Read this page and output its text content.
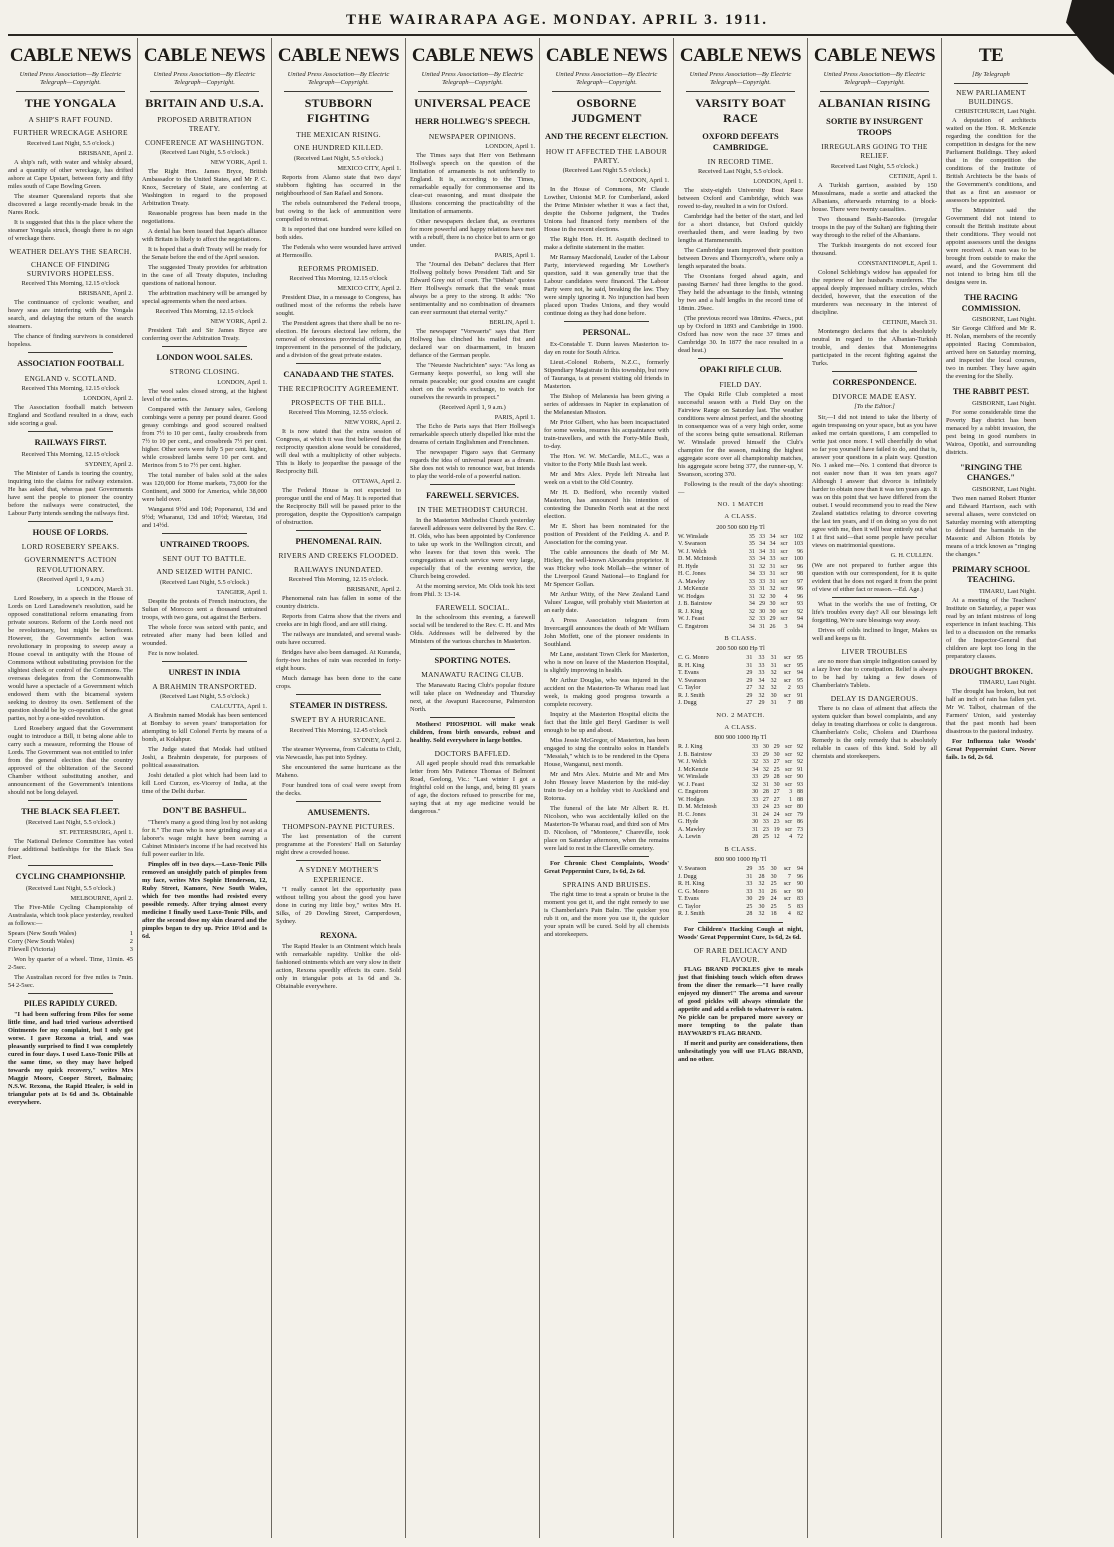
THE WAIRARAPA AGE. MONDAY. APRIL 3. 1911.
CABLE NEWS
United Press Association—By Electric Telegraph—Copyright.
THE YONGALA
A SHIP'S RAFT FOUND.
FURTHER WRECKAGE ASHORE
Received Last Night, 5.5 o'clock.)
BRISBANE, April 2.

A ship's raft, with water and whisky aboard, and a quantity of other wreckage, has drifted ashore at Cape Upstart, between forty and fifty miles south of Cape Bowling Green.

The steamer Queensland reports that she discovered a large recently-made break in the Nares Rock.

It is suggested that this is the place where the steamer Yongala struck, though there is no sign of wreckage there.

WEATHER DELAYS THE SEARCH.
CHANCE OF FINDING SURVIVORS HOPELESS.
Received This Morning, 12.15 o'clock
BRISBANE, April 2.

The continuance of cyclonic weather, and heavy seas are interfering with the Yongala search, and delaying the return of the search steamers.

The chance of finding survivors is considered hopeless.

ASSOCIATION FOOTBALL
ENGLAND v. SCOTLAND.
Received This Morning, 12.15 o'clock
LONDON, April 2.

The Association football match between England and Scotland resulted in a draw, each side scoring a goal.

RAILWAYS FIRST.
Received This Morning, 12.15 o'clock
SYDNEY, April 2.

The Minister of Lands is touring the country, inquiring into the claims for railway extension. He has asked that, whereas past Governments have sent the people to pioneer the country before the railways were constructed, the Labour Party intends sending the railways first.

HOUSE OF LORDS.
LORD ROSEBERY SPEAKS.
GOVERNMENT'S ACTION REVOLUTIONARY.
(Received April 1, 9 a.m.)
LONDON, March 31.

Lord Rosebery, in a speech in the House of Lords on Lord Lansdowne's resolution, said he opposed constitutional reform emanating from private sources. Reform of the Lords need not be revolutionary, but might be beneficent. However, the Government's action was revolutionary in proposing to sweep away a House coeval in antiquity with the House of Commons without substituting provision for the slightest check or control of the Commons. The overseas delegates from the Commonwealth would have a spectacle of a Government which endowed them with the bicameral system seeking to destroy its own. Settlement of the question should be by co-operation of the great parties, not by a one-sided revolution.

Lord Rosebery argued that the Government ought to introduce a Bill, it being alone able to carry such a measure, reforming the House of Lords. The Government was not entitled to infer from the general election that the country approved of the obliteration of the Second Chamber without substituting another, and announcement of the Government's intentions should not be long delayed.

THE BLACK SEA FLEET.
(Received Last Night, 5.5 o'clock.)
ST. PETERSBURG, April 1.

The National Defence Committee has voted four additional battleships for the Black Sea Fleet.

CYCLING CHAMPIONSHIP.
(Received Last Night, 5.5 o'clock.)
MELBOURNE, April 2.

The Five-Mile Cycling Championship of Australasia, which took place yesterday, resulted as follows:—

Spears (New South Wales)	1
Corry (New South Wales)	2
Filewell (Victoria)	3

Won by quarter of a wheel. Time, 11min. 45 2-5sec.

The Australian record for five miles is 7min. 54 2-5sec.

PILES RAPIDLY CURED.

"I had been suffering from Piles for some little time, and had tried various advertised Ointments for my complaint, but I only got worse. I gave Rexona a trial, and was pleasantly surprised to find I was completely cured in four days. I used Laxo-Tonic Pills at the same time, so they may have helped towards my quick recovery," writes Mrs Maggie Moore, Cooper Street, Balmain; N.S.W. Rexona, the Rapid Healer, is sold in triangular pots at 1s 6d and 3s. Obtainable everywhere.

CABLE NEWS
United Press Association—By Electric Telegraph—Copyright.
BRITAIN AND U.S.A.
PROPOSED ARBITRATION TREATY.
CONFERENCE AT WASHINGTON.
(Received Last Night, 5.5 o'clock.)
NEW YORK, April 1.

The Right Hon. James Bryce, British Ambassador to the United States, and Mr P. C. Knox, Secretary of State, are conferring at Washington in regard to the proposed Arbitration Treaty.

Reasonable progress has been made in the negotiations.

A denial has been issued that Japan's alliance with Britain is likely to affect the negotiations.

It is hoped that a draft Treaty will be ready for the Senate before the end of the April session.

The suggested Treaty provides for arbitration in the case of all Treaty disputes, including questions of national honour.

The arbitration machinery will be arranged by special agreements when the need arises.

Received This Morning, 12.15 o'clock
NEW YORK, April 2.

President Taft and Sir James Bryce are conferring over the Arbitration Treaty.

LONDON WOOL SALES.
STRONG CLOSING.
LONDON, April 1.

The wool sales closed strong, at the highest level of the series.

Compared with the January sales, Geelong combings were a penny per pound dearer. Good greasy combings and good scoured realised from 7½ to 10 per cent., faulty crossbreds from 7½ to 10 per cent., and crossbreds 7½ per cent. higher. Other sorts were fully 5 per cent. higher, while crossbred lambs were 10 per cent. and Merinos from 5 to 7½ per cent. higher.

The total number of bales sold at the sales was 120,000 for Home markets, 73,000 for the Continent, and 3000 for America, while 38,000 were held over.

Wanganui 9½d and 10d; Poponanui, 13d and 9½d; Wharanui, 13d and 10½d; Waretau, 16d and 14½d.

UNTRAINED TROOPS.
SENT OUT TO BATTLE.
AND SEIZED WITH PANIC.
(Received Last Night, 5.5 o'clock.)
TANGIER, April 1.

Despite the protests of French instructors, the Sultan of Morocco sent a thousand untrained troops, with two guns, out against the Berbers.

The whole force was seized with panic, and retreated after many had been killed and wounded.

Fez is now isolated.

UNREST IN INDIA
A BRAHMIN TRANSPORTED.
(Received Last Night, 5.5 o'clock.)
CALCUTTA, April 1.

A Brahmin named Modak has been sentenced at Bombay to seven years' transportation for attempting to kill Colonel Ferris by means of a bomb, at Kolahpur.

The Judge stated that Modak had utilised Joshi, a Brahmin desperate, for purposes of political assassination.

Joshi detailed a plot which had been laid to kill Lord Curzon, ex-Viceroy of India, at the time of the Delhi durbar.

DON'T BE BASHFUL.

"There's many a good thing lost by not asking for it." The man who is now grinding away at a laborer's wage might have been earning a Cabinet Minister's income if he had received his full power earlier in life.

Pimples off in two days.—Laxo-Tonic Pills removed an unsightly patch of pimples from my face, writes Mrs Sophie Henderson, 12, Ruby Street, Kamore, New South Wales, which for two months had resisted every possible remedy. After trying almost every medicine I finally used Laxo-Tonic Pills, and after the second dose my skin cleared and the pimples began to dry up. Price 10½d and 1s 6d.

CABLE NEWS
United Press Association—By Electric Telegraph—Copyright.
STUBBORN FIGHTING
THE MEXICAN RISING.
ONE HUNDRED KILLED.
(Received Last Night, 5.5 o'clock.)
MEXICO CITY, April 1.

Reports from Alamo state that two days' stubborn fighting has occurred in the neighbourhood of San Rafael and Sonora.

The rebels outnumbered the Federal troops, but owing to the lack of ammunition were compelled to retreat.

It is reported that one hundred were killed on both sides.

The Federals who were wounded have arrived at Hermosillo.

REFORMS PROMISED.
Received This Morning, 12.15 o'clock
MEXICO CITY, April 2.

President Diaz, in a message to Congress, has outlined most of the reforms the rebels have sought.

The President agrees that there shall be no re-election. He favours electoral law reform, the removal of obnoxious provincial officials, an improvement in the personnel of the judiciary, and a division of the great private estates.

CANADA AND THE STATES.
THE RECIPROCITY AGREEMENT.
PROSPECTS OF THE BILL.
Received This Morning, 12.55 o'clock.
NEW YORK, April 2.

It is now stated that the extra session of Congress, at which it was first believed that the reciprocity question alone would be considered, will deal with a multiplicity of other subjects. This is likely to jeopardise the passage of the Reciprocity Bill.

OTTAWA, April 2.

The Federal House is not expected to prorogue until the end of May. It is reported that the Reciprocity Bill will be passed prior to the prorogation, despite the Opposition's campaign of obstruction.

PHENOMENAL RAIN.
RIVERS AND CREEKS FLOODED.
RAILWAYS INUNDATED.
Received This Morning, 12.15 o'clock.
BRISBANE, April 2.

Phenomenal rain has fallen in some of the country districts.

Reports from Cairns show that the rivers and creeks are in high flood, and are still rising.

The railways are inundated, and several wash-outs have occurred.

Bridges have also been damaged. At Kuranda, forty-two inches of rain was recorded in forty-eight hours.

Much damage has been done to the cane crops.

STEAMER IN DISTRESS.
SWEPT BY A HURRICANE.
Received This Morning, 12.45 o'clock
SYDNEY, April 2.

The steamer Wyreema, from Calcutta to Chili, via Newcastle, has put into Sydney.

She encountered the same hurricane as the Maheno.

Four hundred tons of coal were swept from the decks.

AMUSEMENTS.
THOMPSON-PAYNE PICTURES.

The last presentation of the current programme at the Foresters' Hall on Saturday night drew a crowded house.

A SYDNEY MOTHER'S EXPERIENCE.

"I really cannot let the opportunity pass without telling you about the good you have done in curing my little boy," writes Mrs H. Silks, of 29 Dowling Street, Camperdown, Sydney.

REXONA.

The Rapid Healer is an Ointment which heals with remarkable rapidity. Unlike the old-fashioned ointments which are very slow in their action, Rexona speedily effects its cure. Sold only in triangular pots at 1s 6d and 3s. Obtainable everywhere.

CABLE NEWS
United Press Association—By Electric Telegraph—Copyright.
UNIVERSAL PEACE
HERR HOLLWEG'S SPEECH.
NEWSPAPER OPINIONS.
LONDON, April 1.

The Times says that Herr von Bethmann Hollweg's speech on the question of the limitation of armaments is not unfriendly to England. It is, according to the Times, remarkable equally for commonsense and its clear-cut reasoning, and must dissipate the illusions concerning the practicability of the limitation of armaments.

Other newspapers declare that, as overtures for more powerful and happy relations have met with a rebuff, there is no choice but to arm or go under.

PARIS, April 1.

The "Journal des Debats" declares that Herr Hollweg politely bows President Taft and Sir Edward Grey out of court. The "Debats" quotes Herr Hollweg's remark that the weak must always be a prey to the strong. It adds: "No sentimentality and no combination of dreamers can ever surmount that eternal verity."

BERLIN, April 1.

The newspaper "Vorwaerts" says that Herr Hollweg has clinched his mailed fist and declared war on disarmament, in brazen defiance of the German people.

The "Neueste Nachrichten" says: "As long as Germany keeps powerful, so long will she remain peaceable; our good cousins are caught short on the world's exchange, to watch for ourselves the rewards in prospect."

(Received April 1, 9 a.m.)
PARIS, April 1.

The Echo de Paris says that Herr Hollweg's remarkable speech utterly dispelled like mist the dreams of certain Englishmen and Frenchmen.

The newspaper Figaro says that Germany regards the idea of universal peace as a dream. She does not wish to renounce war, but intends to play the world-role of a powerful nation.

FAREWELL SERVICES.
IN THE METHODIST CHURCH.

In the Masterton Methodist Church yesterday farewell addresses were delivered by the Rev. C. H. Olds, who has been appointed by Conference to take up work in the Wellington circuit, and who leaves for that town this week. The congregations at each service were very large, especially that of the evening service, the Church being crowded.

At the morning service, Mr. Olds took his text from Phil. 3: 13-14.

FAREWELL SOCIAL.

In the schoolroom this evening, a farewell social will be tendered to the Rev. C. H. and Mrs Olds. Addresses will be delivered by the Ministers of the various churches in Masterton.

SPORTING NOTES.
MANAWATU RACING CLUB.

The Manawatu Racing Club's popular fixture will take place on Wednesday and Thursday next, at the Awapuni Racecourse, Palmerston North.

Mothers! PHOSPHOL will make weak children, from birth onwards, robust and healthy. Sold everywhere in large bottles.

DOCTORS BAFFLED.

All aged people should read this remarkable letter from Mrs Patience Thomas of Belmont Road, Geelong, Vic.: "Last winter I got a frightful cold on the lungs, and, being 81 years of age, the doctors refused to prescribe for me, saying that at my age medicine would be dangerous."

CABLE NEWS
United Press Association—By Electric Telegraph—Copyright.
OSBORNE JUDGMENT
AND THE RECENT ELECTION.
HOW IT AFFECTED THE LABOUR PARTY.
(Received Last Night 5.5 o'clock.)
LONDON, April 1.

In the House of Commons, Mr Claude Lowther, Unionist M.P. for Cumberland, asked the Prime Minister whether it was a fact that, despite the Osborne judgment, the Trades Unions had financed forty members of the House in the recent elections.

The Right Hon. H. H. Asquith declined to make a definite statement in the matter.

Mr Ramsay Macdonald, Leader of the Labour Party, interviewed regarding Mr Lowther's question, said it was generally true that the Labour candidates were financed. The Labour Party were not, he said, breaking the law. They were simply ignoring it. No injunction had been placed upon Trades Unions, and they would continue doing as they had done before.

PERSONAL.

Ex-Constable T. Dunn leaves Masterton to-day en route for South Africa.

Lieut.-Colonel Roberts, N.Z.C., formerly Stipendiary Magistrate in this township, but now of Tauranga, is at present visiting old friends in Masterton.

The Bishop of Melanesia has been giving a series of addresses in Napier in explanation of the Melanesian Mission.

Mr Prior Gilbert, who has been incapacitated for some weeks, resumes his acquaintance with train-travellers, and with the Forty-Mile Bush, to-day.

The Hon. W. W. McCardle, M.L.C., was a visitor to the Forty Mile Bush last week.

Mr and Mrs Alex. Pryde left Nireaha last week on a visit to the Old Country.

Mr H. D. Bedford, who recently visited Masterton, has announced his intention of contesting the Dunedin North seat at the next election.

Mr E. Short has been nominated for the position of President of the Feilding A. and P. Association for the coming year.

The cable announces the death of Mr M. Hickey, the well-known Alexandra proprietor. It was Hickey who took Mollah—the winner of the Liverpool Grand National—to England for Mr Spencer Gollan.

Mr Arthur Witty, of the New Zealand Land Values' League, will probably visit Masterton at an early date.

A Press Association telegram from Invercargill announces the death of Mr William John Moffett, one of the pioneer residents in Southland.

Mr Lane, assistant Town Clerk for Masterton, who is now on leave of the Masterton Hospital, is slightly improving in health.

Mr Arthur Douglas, who was injured in the accident on the Masterton-Te Wharau road last week, is making good progress towards a complete recovery.

Inquiry at the Masterton Hospital elicits the fact that the little girl Beryl Gardiner is well enough to be up and about.

Miss Jessie McGregor, of Masterton, has been engaged to sing the contralto solos in Handel's "Messiah," which is to be rendered in the Opera House, Wanganui, next month.

Mr and Mrs Alex. Muirie and Mr and Mrs John Hessey leave Masterton by the mid-day train to-day on a holiday visit to Auckland and Rotorua.

The funeral of the late Mr Albert R. H. Nicolson, who was accidentally killed on the Masterton-Te Wharau road, and third son of Mrs D. Nicolson, of "Monteore," Chareville, took place on Saturday afternoon, when the remains were laid to rest in the Clareville cemetery.

For Chronic Chest Complaints, Woods' Great Peppermint Cure, 1s 6d, 2s 6d.

SPRAINS AND BRUISES.

The right time to treat a sprain or bruise is the moment you get it, and the right remedy to use is Chamberlain's Pain Balm. The quicker you rub it on, and the more you use it, the quicker your sprain will be cured. Sold by all chemists and storekeepers.

CABLE NEWS
United Press Association—By Electric Telegraph—Copyright.
VARSITY BOAT RACE
OXFORD DEFEATS CAMBRIDGE.
IN RECORD TIME.
Received Last Night, 5.5 o'clock.
LONDON, April 1.

The sixty-eighth University Boat Race between Oxford and Cambridge, which was rowed to-day, resulted in a win for Oxford.

Cambridge had the better of the start, and led for a short distance, but Oxford quickly overhauled them, and were leading by two lengths at Hammersmith.

The Cambridge team improved their position between Doves and Thornycroft's, where only a length separated the boats.

The Oxonians forged ahead again, and passing Barnes' had three lengths to the good. They held the advantage to the finish, winning by two and a half lengths in the record time of 18min. 29sec.

(The previous record was 18mins. 47secs., put up by Oxford in 1893 and Cambridge in 1900. Oxford has now won the race 37 times and Cambridge 30. In 1877 the race resulted in a dead heat.)

OPAKI RIFLE CLUB.
FIELD DAY.

The Opaki Rifle Club completed a most successful season with a Field Day on the Fairview Range on Saturday last. The weather conditions were almost perfect, and the shooting in consequence was of a very high order, some of the scores being quite sensational. Rifleman W. Winslade proved himself the Club's champion for the season, making the highest aggregate score over all championship matches, his aggregate score being 377, the runner-up, V. Swanson, scoring 370.

Following is the result of the day's shooting:—

NO. 1 MATCH
A CLASS.
200 500 600 Hp Tl
W. Winslade	35	33	34	scr	102
V. Swanson	35	34	34	scr	103
W. J. Welch	31	34	31	scr	96
D. M. McIntosh	33	34	33	scr	100
H. Hyde	31	32	31	scr	96
H. C. Jones	34	33	31	scr	98
A. Mawley	33	33	31	scr	97
J. McKenzie	33	31	32	scr	96
W. Hodges	31	32	30	4	96
J. B. Bairstow	34	29	30	scr	93
R. J. King	32	30	30	scr	92
W. J. Feast	32	33	29	scr	94
C. Engstrom	34	31	26	3	94
B CLASS.
200 500 600 Hp Tl
C. G. Monro	31	33	31	scr	95
R. H. King	31	33	31	scr	95
T. Evans	29	33	32	scr	94
V. Swanson	29	34	32	scr	95
C. Taylor	27	32	32	2	93
R. J. Smith	29	32	30	scr	91
J. Dugg	27	29	31	7	88
NO. 2 MATCH.
A CLASS.
800 900 1000 Hp Tl
R. J. King	33	30	29	scr	92
J. B. Bairstow	33	29	30	scr	92
W. J. Welch	32	33	27	scr	92
J. McKenzie	34	32	25	scr	91
W. Winslade	33	29	28	scr	90
W. J. Feast	32	31	30	scr	93
C. Engstrom	30	28	27	3	88
W. Hodges	33	27	27	1	88
D. M. McIntosh	33	24	23	scr	80
H. C. Jones	31	24	24	scr	79
G. Hyde	30	33	23	scr	86
A. Mawley	31	23	19	scr	73
A. Lewin	28	25	12	4	72
B CLASS.
800 900 1000 Hp Tl
V. Swanson	29	35	30	scr	94
J. Dugg	31	28	30	7	96
R. H. King	33	32	25	scr	90
C. G. Monro	33	31	26	scr	90
T. Evans	30	29	24	scr	83
C. Taylor	25	30	25	5	83
R. J. Smith	28	32	18	4	82

For Children's Hacking Cough at night, Woods' Great Peppermint Cure, 1s 6d, 2s 6d.

OF RARE DELICACY AND FLAVOUR.

FLAG BRAND PICKLES give to meals just that finishing touch which often draws from the diner the remark—"I have really enjoyed my dinner!" The aroma and savour of good pickles will always stimulate the appetite and add a relish to whatever is eaten. No pickle can be prepared more savory or more tempting to the palate than HAYWARD'S FLAG BRAND.

If merit and purity are considerations, then unhesitatingly you will use FLAG BRAND, and no other.

CABLE NEWS
United Press Association—By Electric Telegraph—Copyright.
ALBANIAN RISING
SORTIE BY INSURGENT TROOPS
IRREGULARS GOING TO THE RELIEF.
Received Last Night, 5.5 o'clock.)
CETINJE, April 1.

A Turkish garrison, assisted by 150 Mussulmans, made a sortie and attacked the Albanians, afterwards returning to a block-house. There were twenty casualties.

Two thousand Bashi-Bazouks (irregular troops in the pay of the Sultan) are fighting their way through to the relief of the Albanians.

The Turkish insurgents do not exceed four thousand.

CONSTANTINOPLE, April 1.

Colonel Schlebing's widow has appealed for the reprieve of her husband's murderers. The appeal deeply impressed military circles, which decided, however, that the execution of the murderers was necessary in the interest of discipline.

CETINJE, March 31.

Montenegro declares that she is absolutely neutral in regard to the Albanian-Turkish trouble, and denies that Montenegrins participated in the recent fighting against the Turks.

CORRESPONDENCE.
DIVORCE MADE EASY.
[To the Editor.]

Sir,—I did not intend to take the liberty of again trespassing on your space, but as you have asked me certain questions, I am compelled to write just once more. I will cheerfully do what so far you yourself have failed to do, and that is, answer your questions in a plain way. Question No. 1 asked me—No. 1 contend that divorce is not easier now than it was ten years ago? Although I answer that divorce is infinitely harder to obtain now than it was ten years ago. It was on this point that we have differed from the outset. I would recommend you to read the New Zealand statistics relating to divorce covering the last ten years, and if on doing so you do not agree with me, then it will bear entirely out what I at first said—that some people have peculiar views on matrimonial questions.

G. H. CULLEN.
(We are not prepared to further argue this question with our correspondent, for it is quite evident that he does not regard it from the point of view of either fact or reason.—Ed. Age.)

What in the world's the use of fretting, Or life's troubles every day? All our blessings left forgetting, We're sure blessings way away.

Drives off colds inclined to linger, Makes us well and keeps us fit.

LIVER TROUBLES

are no more than simple indigestion caused by a lazy liver due to constipation. Relief is always to be had by taking a few doses of Chamberlain's Tablets.

DELAY IS DANGEROUS.

There is no class of ailment that affects the system quicker than bowel complaints, and any delay in treating diarrhoea or colic is dangerous. Chamberlain's Colic, Cholera and Diarrhoea Remedy is the only remedy that is absolutely reliable in cases of this kind. Sold by all chemists and storekeepers.

TE
[By Telegraph
NEW PARLIAMENT BUILDINGS.
CHRISTCHURCH, Last Night.

A deputation of architects waited on the Hon. R. McKenzie regarding the condition for the competition in designs for the new Parliament Buildings. They asked that in the competition the conditions of the Institute of British Architects be the basis of the Government's conditions, and that as a first an assessor or assessors be appointed.

The Minister said the Government did not intend to consult the British institute about their conditions. They would not appoint assessors until the designs were received. A man was to be brought from outside to make the award, and the Government did not intend to bring him till the designs were in.

THE RACING COMMISSION.
GISBORNE, Last Night.

Sir George Clifford and Mr R. H. Nolan, members of the recently appointed Racing Commission, arrived here on Saturday morning, and inspected the local courses, two in number. They have again the evening for the Shelly.

THE RABBIT PEST.
GISBORNE, Last Night.

For some considerable time the Poverty Bay district has been menaced by a rabbit invasion, the pest being in good numbers in Wairoa, Opotiki, and surrounding districts.

"RINGING THE CHANGES."
GISBORNE, Last Night.

Two men named Robert Hunter and Edward Harrison, each with several aliases, were convicted on Saturday morning with attempting to defraud the barmaids in the Masonic and Albion Hotels by means of a trick known as "ringing the changes."

PRIMARY SCHOOL TEACHING.
TIMARU, Last Night.

At a meeting of the Teachers' Institute on Saturday, a paper was read by an infant mistress of long experience in infant teaching. This led to a discussion on the remarks of the Inspector-General that children are kept too long in the preparatory classes.

DROUGHT BROKEN.
TIMARU, Last Night.

The drought has broken, but not half an inch of rain has fallen yet. Mr W. Talbot, chairman of the Farmers' Union, said yesterday that the past month had been disastrous to the pastoral industry.

For Influenza take Woods' Great Peppermint Cure. Never fails. 1s 6d, 2s 6d.
